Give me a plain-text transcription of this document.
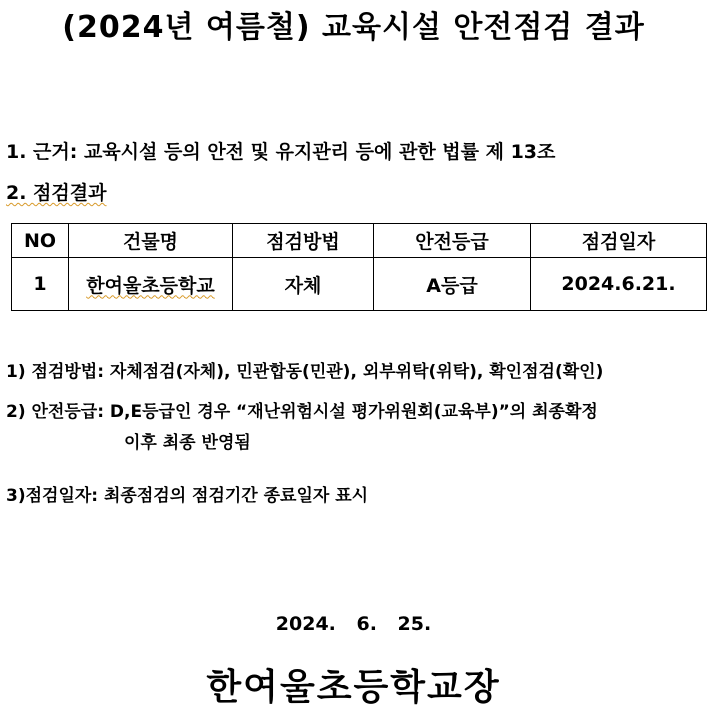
(2024년 여름철) 교육시설 안전점검 결과
1. 근거: 교육시설 등의 안전 및 유지관리 등에 관한 법률 제 13조
2. 점검결과
NO	건물명	점검방법	안전등급	점검일자
1	한여울초등학교	자체	A등급	2024.6.21.
1) 점검방법: 자체점검(자체), 민관합동(민관), 외부위탁(위탁), 확인점검(확인)
2) 안전등급: D,E등급인 경우 “재난위험시설 평가위원회(교육부)”의 최종확정
이후 최종 반영됨
3)점검일자: 최종점검의 점검기간 종료일자 표시
2024. 6. 25.
한여울초등학교장
